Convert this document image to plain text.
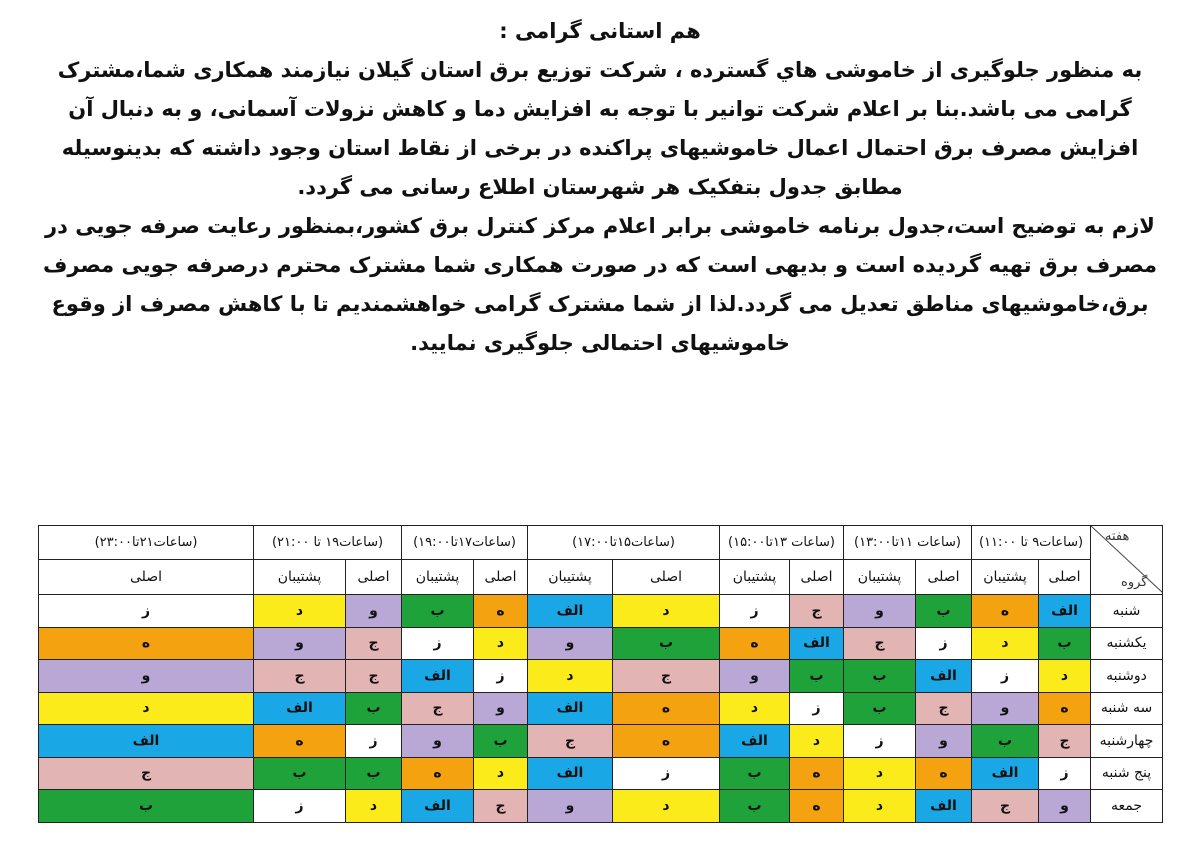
هم استانی گرامی :

به منظور جلوگیری از خاموشی هاي گسترده ، شرکت توزیع برق استان گیلان نیازمند همکاری شما،مشترک گرامی می باشد.بنا بر اعلام شرکت توانیر با توجه به افزایش دما و کاهش نزولات آسمانی، و به دنبال آن افزایش مصرف برق احتمال اعمال خاموشیهای پراکنده در برخی از نقاط استان وجود داشته که بدینوسیله مطابق جدول بتفکیک هر شهرستان اطلاع رسانی می گردد.

لازم به توضیح است،جدول برنامه خاموشی برابر اعلام مرکز کنترل برق کشور،بمنظور رعایت صرفه جویی در مصرف برق تهیه گردیده است و بدیهی است که در صورت همکاری شما مشترک محترم درصرفه جویی مصرف برق،خاموشیهای مناطق تعدیل می گردد.لذا از شما مشترک گرامی خواهشمندیم تا با کاهش مصرف از وقوع خاموشیهای احتمالی جلوگیری نمایید.

هفته
گروه	(ساعات۹ تا ۱۱:۰۰)		(ساعات ۱۱تا۱۳:۰۰)		(ساعات ۱۳تا۱۵:۰۰)		(ساعات۱۵تا۱۷:۰۰)		(ساعات۱۷تا۱۹:۰۰)		(ساعات۱۹ تا ۲۱:۰۰)		(ساعات۲۱تا۲۳:۰۰)
	اصلی	پشتیبان	اصلی	پشتیبان	اصلی	پشتیبان	اصلی	پشتیبان	اصلی	پشتیبان	اصلی	پشتیبان	اصلی
شنبه	الف	ه	ب	و	ج	ز	د	الف	ه	ب	و	د	ز
یکشنبه	ب	د	ز	ج	الف	ه	ب	و	د	ز	ج	و	ه
دوشنبه	د	ز	الف	ب	ب	و	ج	د	ز	الف	ج	ج	و
سه شنبه	ه	و	ج	ب	ز	د	ه	الف	و	ج	ب	الف	د
چهارشنبه	ج	ب	و	ز	د	الف	ه	ج	ب	و	ز	ه	الف
پنج شنبه	ز	الف	ه	د	ه	ب	ز	الف	د	ه	ب	ب	ج
جمعه	و	ج	الف	د	ه	ب	د	و	ج	الف	د	ز	ب
